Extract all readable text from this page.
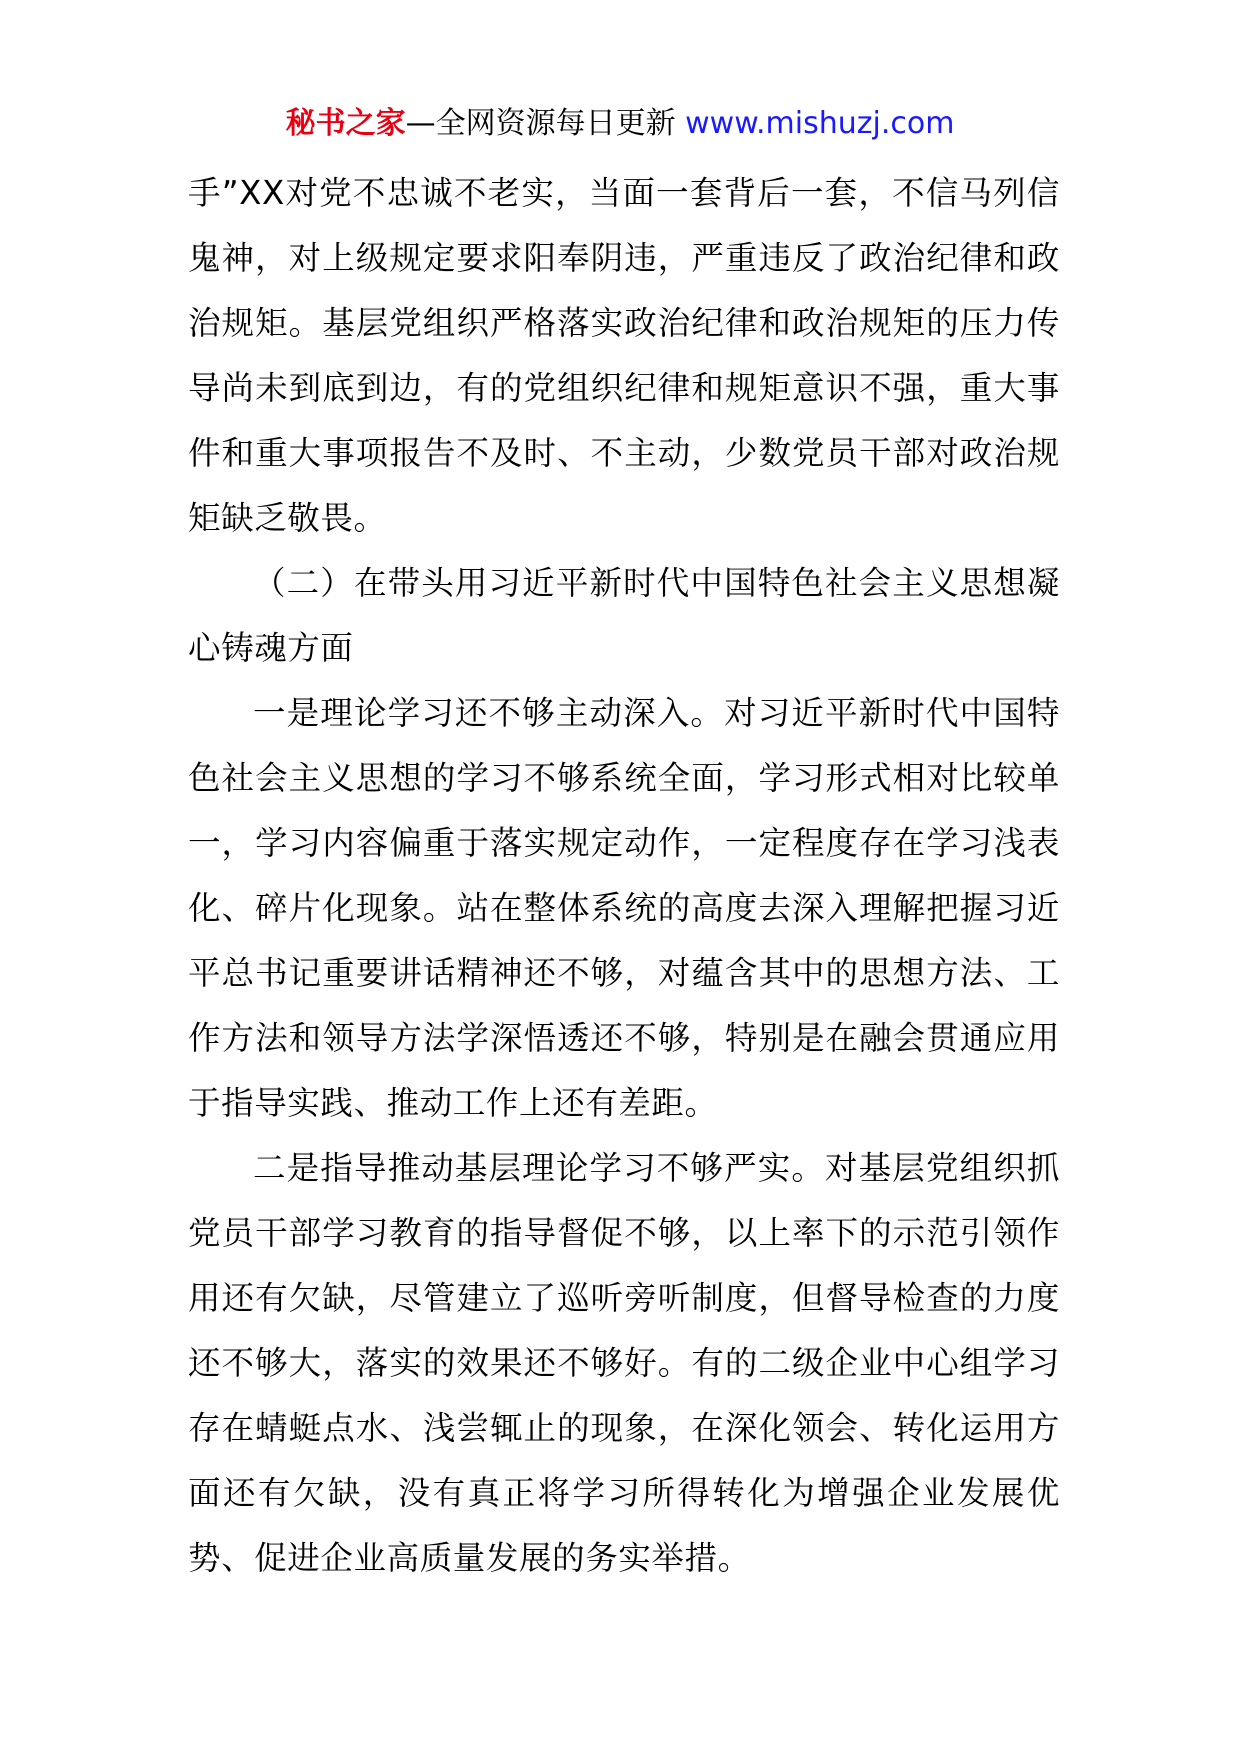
秘书之家—全网资源每日更新 www.mishuzj.com

手”XX对党不忠诚不老实，当面一套背后一套，不信马列信鬼神，对上级规定要求阳奉阴违，严重违反了政治纪律和政治规矩。基层党组织严格落实政治纪律和政治规矩的压力传导尚未到底到边，有的党组织纪律和规矩意识不强，重大事件和重大事项报告不及时、不主动，少数党员干部对政治规矩缺乏敬畏。

（二）在带头用习近平新时代中国特色社会主义思想凝心铸魂方面

一是理论学习还不够主动深入。对习近平新时代中国特色社会主义思想的学习不够系统全面，学习形式相对比较单一，学习内容偏重于落实规定动作，一定程度存在学习浅表化、碎片化现象。站在整体系统的高度去深入理解把握习近平总书记重要讲话精神还不够，对蕴含其中的思想方法、工作方法和领导方法学深悟透还不够，特别是在融会贯通应用于指导实践、推动工作上还有差距。

二是指导推动基层理论学习不够严实。对基层党组织抓党员干部学习教育的指导督促不够，以上率下的示范引领作用还有欠缺，尽管建立了巡听旁听制度，但督导检查的力度还不够大，落实的效果还不够好。有的二级企业中心组学习存在蜻蜓点水、浅尝辄止的现象，在深化领会、转化运用方面还有欠缺，没有真正将学习所得转化为增强企业发展优势、促进企业高质量发展的务实举措。
